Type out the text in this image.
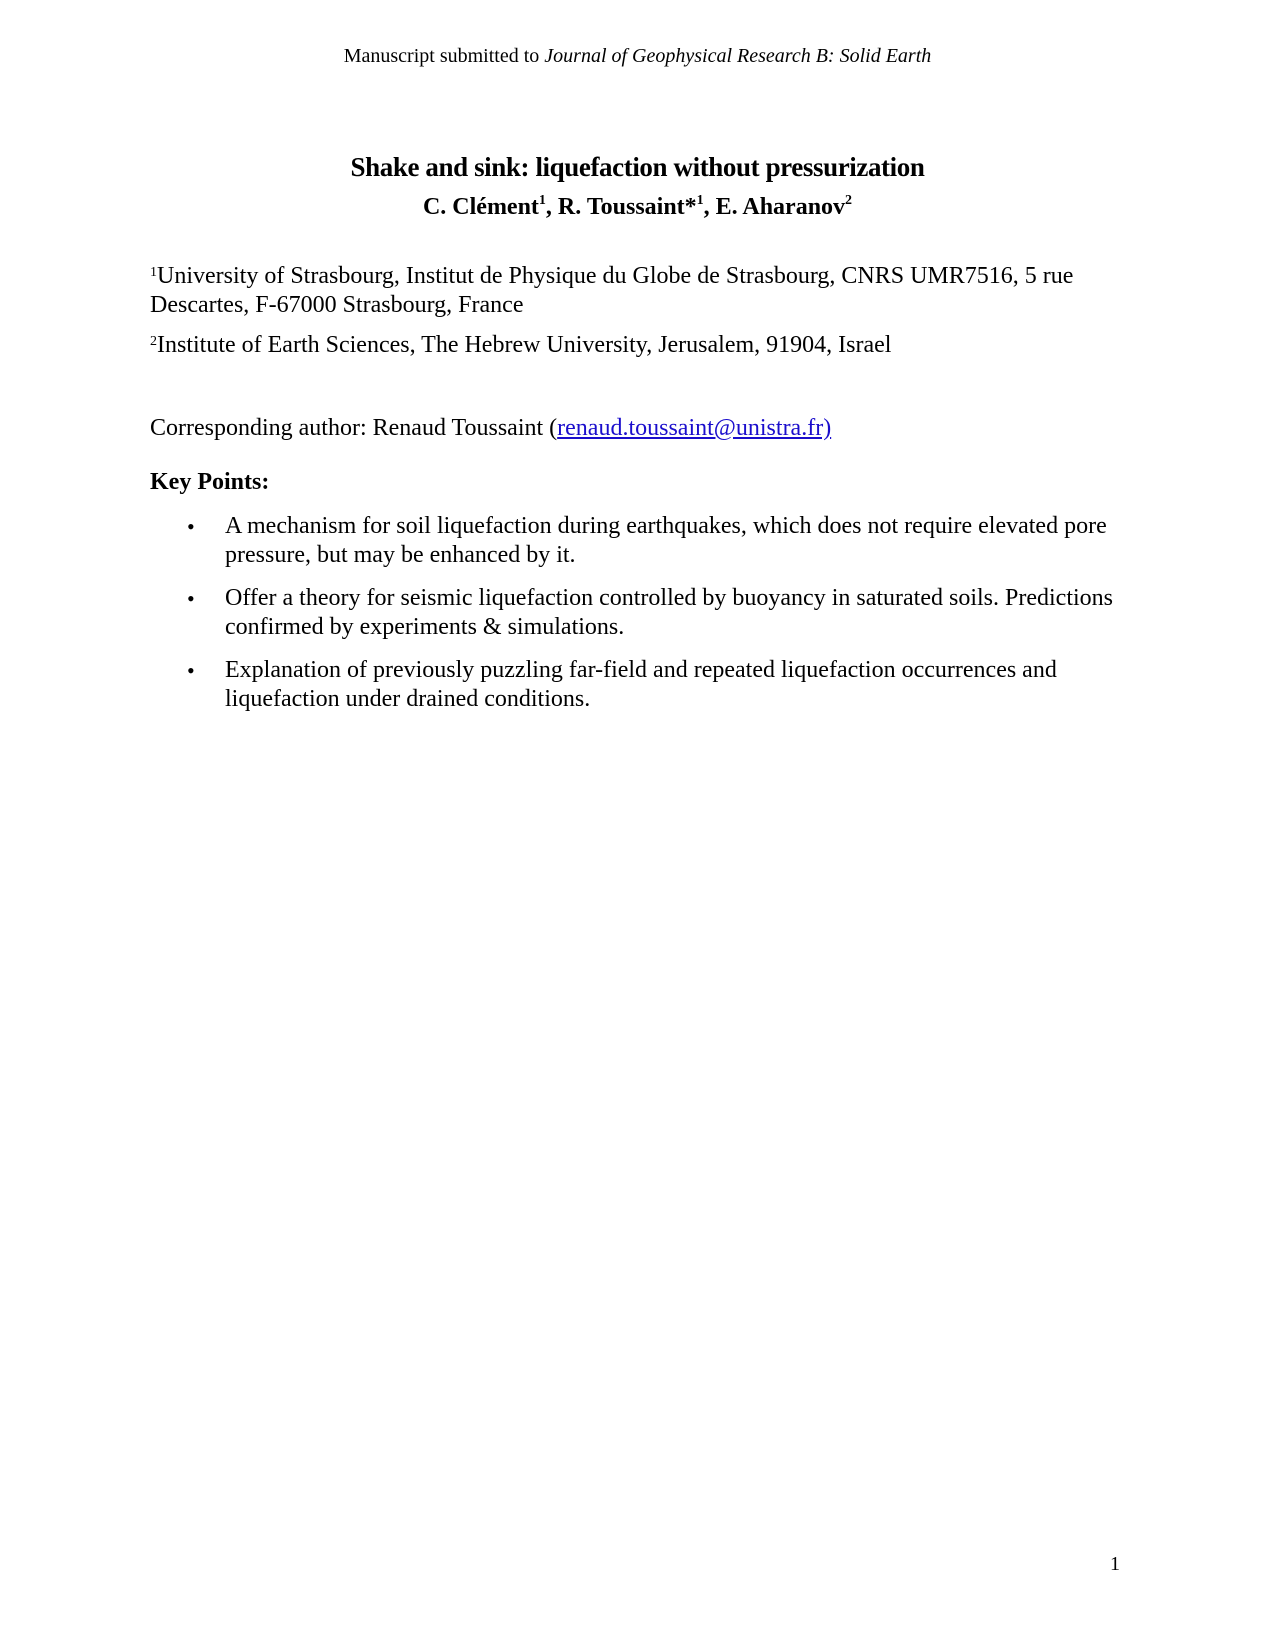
Manuscript submitted to Journal of Geophysical Research B: Solid Earth
Shake and sink: liquefaction without pressurization
C. Clément$^1$, R. Toussaint*$^1$, E. Aharanov$^2$
$^1$University of Strasbourg, Institut de Physique du Globe de Strasbourg, CNRS UMR7516, 5 rue Descartes, F-67000 Strasbourg, France
$^2$Institute of Earth Sciences, The Hebrew University, Jerusalem, 91904, Israel
Corresponding author: Renaud Toussaint (renaud.toussaint@unistra.fr)
Key Points:
• A mechanism for soil liquefaction during earthquakes, which does not require elevated pore pressure, but may be enhanced by it.
• Offer a theory for seismic liquefaction controlled by buoyancy in saturated soils. Predictions confirmed by experiments & simulations.
• Explanation of previously puzzling far-field and repeated liquefaction occurrences and liquefaction under drained conditions.
1
